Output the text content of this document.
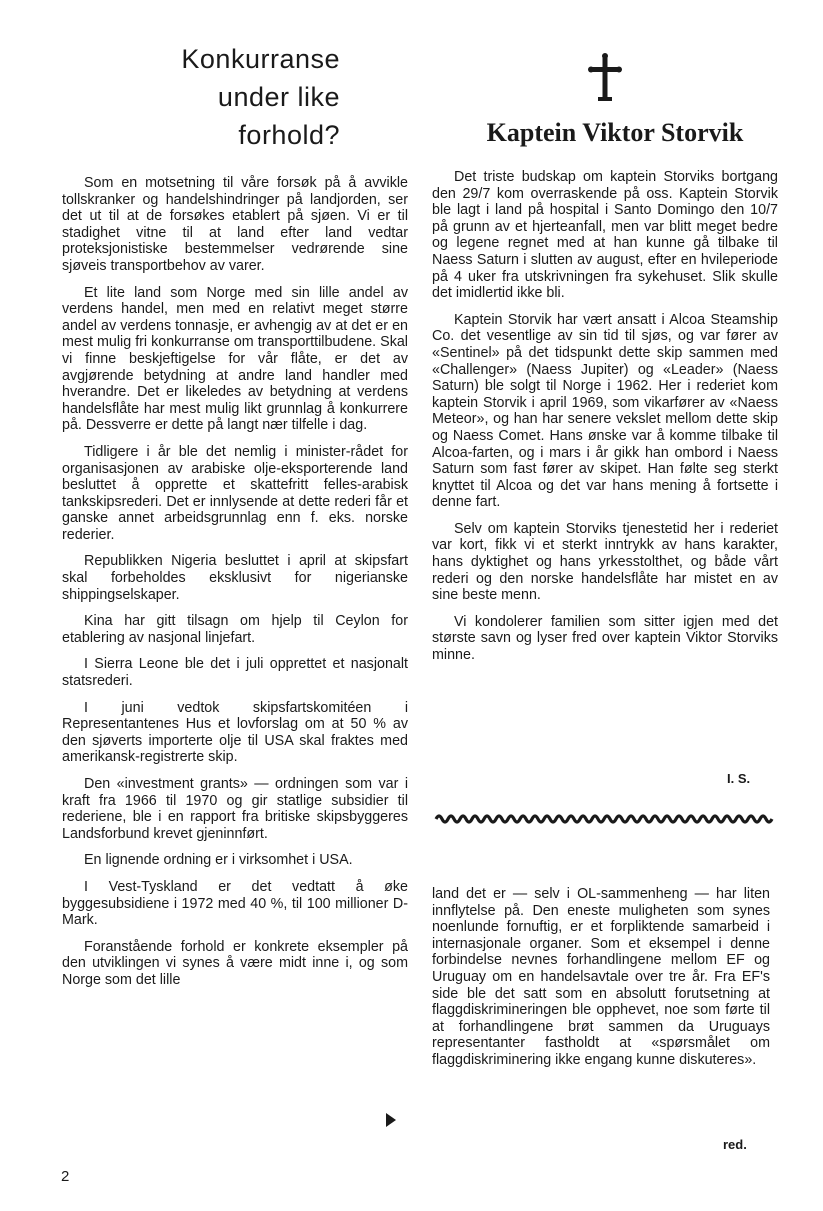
Konkurranse
under like
forhold?

Som en motsetning til våre forsøk på å avvikle tollskranker og handelshindringer på landjorden, ser det ut til at de forsøkes etablert på sjøen. Vi er til stadighet vitne til at land efter land vedtar proteksjonistiske bestemmelser vedrørende sine sjøveis transportbehov av varer.

Et lite land som Norge med sin lille andel av verdens handel, men med en relativt meget større andel av verdens tonnasje, er avhengig av at det er en mest mulig fri konkurranse om transporttilbudene. Skal vi finne beskjeftigelse for vår flåte, er det av avgjørende betydning at andre land handler med hverandre. Det er likeledes av betydning at verdens handelsflåte har mest mulig likt grunnlag å konkurrere på. Dessverre er dette på langt nær tilfelle i dag.

Tidligere i år ble det nemlig i minister-rådet for organisasjonen av arabiske olje-eksporterende land besluttet å opprette et skattefritt felles-arabisk tankskipsrederi. Det er innlysende at dette rederi får et ganske annet arbeidsgrunnlag enn f. eks. norske rederier.

Republikken Nigeria besluttet i april at skipsfart skal forbeholdes eksklusivt for nigerianske shippingselskaper.

Kina har gitt tilsagn om hjelp til Ceylon for etablering av nasjonal linjefart.

I Sierra Leone ble det i juli opprettet et nasjonalt statsrederi.

I juni vedtok skipsfartskomitéen i Representantenes Hus et lovforslag om at 50 % av den sjøverts importerte olje til USA skal fraktes med amerikansk-registrerte skip.

Den «investment grants» — ordningen som var i kraft fra 1966 til 1970 og gir statlige subsidier til rederiene, ble i en rapport fra britiske skipsbyggeres Landsforbund krevet gjeninnført.

En lignende ordning er i virksomhet i USA.

I Vest-Tyskland er det vedtatt å øke byggesubsidiene i 1972 med 40 %, til 100 millioner D-Mark.

Foranstående forhold er konkrete eksempler på den utviklingen vi synes å være midt inne i, og som Norge som det lille

Kaptein Viktor Storvik

Det triste budskap om kaptein Storviks bortgang den 29/7 kom overraskende på oss. Kaptein Storvik ble lagt i land på hospital i Santo Domingo den 10/7 på grunn av et hjerteanfall, men var blitt meget bedre og legene regnet med at han kunne gå tilbake til Naess Saturn i slutten av august, efter en hvileperiode på 4 uker fra utskrivningen fra sykehuset. Slik skulle det imidlertid ikke bli.

Kaptein Storvik har vært ansatt i Alcoa Steamship Co. det vesentlige av sin tid til sjøs, og var fører av «Sentinel» på det tidspunkt dette skip sammen med «Challenger» (Naess Jupiter) og «Leader» (Naess Saturn) ble solgt til Norge i 1962. Her i rederiet kom kaptein Storvik i april 1969, som vikarfører av «Naess Meteor», og han har senere vekslet mellom dette skip og Naess Comet. Hans ønske var å komme tilbake til Alcoa-farten, og i mars i år gikk han ombord i Naess Saturn som fast fører av skipet. Han følte seg sterkt knyttet til Alcoa og det var hans mening å fortsette i denne fart.

Selv om kaptein Storviks tjenestetid her i rederiet var kort, fikk vi et sterkt inntrykk av hans karakter, hans dyktighet og hans yrkesstolthet, og både vårt rederi og den norske handelsflåte har mistet en av sine beste menn.

Vi kondolerer familien som sitter igjen med det største savn og lyser fred over kaptein Viktor Storviks minne.

I. S.

land det er — selv i OL-sammenheng — har liten innflytelse på. Den eneste muligheten som synes noenlunde fornuftig, er et forpliktende samarbeid i internasjonale organer. Som et eksempel i denne forbindelse nevnes forhandlingene mellom EF og Uruguay om en handelsavtale over tre år. Fra EF's side ble det satt som en absolutt forutsetning at flaggdiskrimineringen ble opphevet, noe som førte til at forhandlingene brøt sammen da Uruguays representanter fastholdt at «spørsmålet om flaggdiskriminering ikke engang kunne diskuteres».

red.
2
